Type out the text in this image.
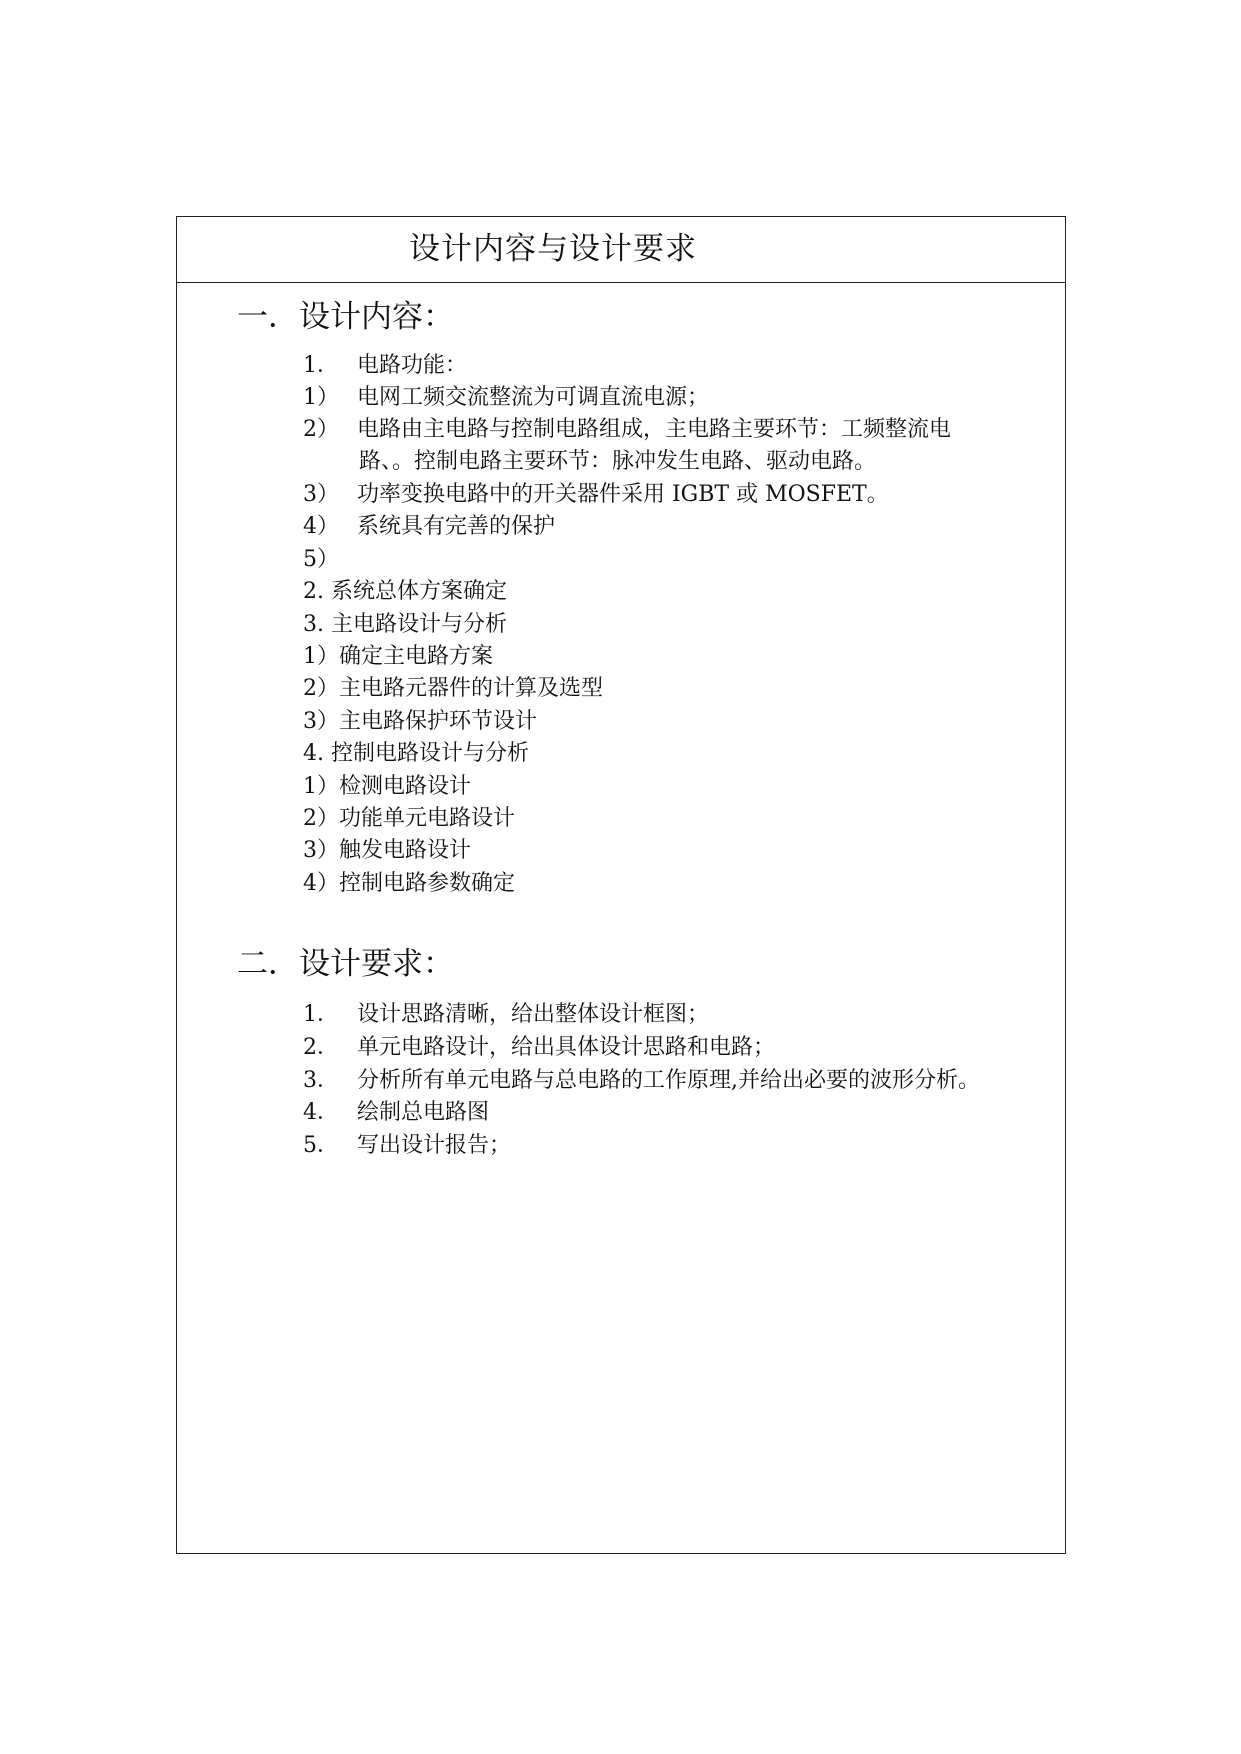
设计内容与设计要求
一．设计内容：
1． 电路功能：
1） 电网工频交流整流为可调直流电源；
2） 电路由主电路与控制电路组成，主电路主要环节：工频整流电
路、。控制电路主要环节：脉冲发生电路、驱动电路。
3） 功率变换电路中的开关器件采用 IGBT 或 MOSFET。
4） 系统具有完善的保护
5）
2. 系统总体方案确定
3. 主电路设计与分析
1）确定主电路方案
2）主电路元器件的计算及选型
3）主电路保护环节设计
4. 控制电路设计与分析
1）检测电路设计
2）功能单元电路设计
3）触发电路设计
4）控制电路参数确定
二．设计要求：
1． 设计思路清晰，给出整体设计框图；
2． 单元电路设计，给出具体设计思路和电路；
3． 分析所有单元电路与总电路的工作原理,并给出必要的波形分析。
4． 绘制总电路图
5． 写出设计报告；
